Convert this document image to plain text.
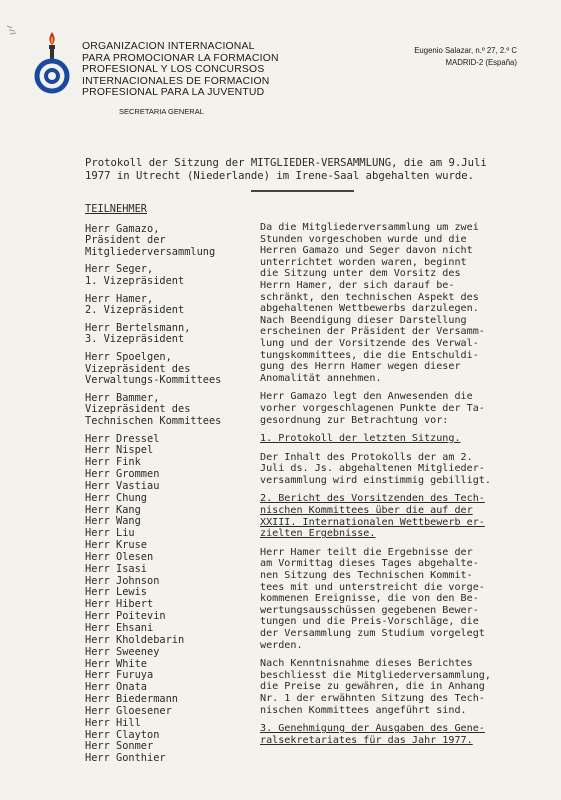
ORGANIZACION INTERNACIONAL
PARA PROMOCIONAR LA FORMACION
PROFESIONAL Y LOS CONCURSOS
INTERNACIONALES DE FORMACION
PROFESIONAL PARA LA JUVENTUD
SECRETARIA GENERAL
Eugenio Salazar, n.º 27, 2.º C
MADRID-2 (España)
Protokoll der Sitzung der MITGLIEDER-VERSAMMLUNG, die am 9.Juli
1977 in Utrecht (Niederlande) im Irene-Saal abgehalten wurde.
TEILNEHMER
Herr Gamazo,
Präsident der
Mitgliederversammlung
Herr Seger,
1. Vizepräsident
Herr Hamer,
2. Vizepräsident
Herr Bertelsmann,
3. Vizepräsident
Herr Spoelgen,
Vizepräsident des
Verwaltungs-Kommittees
Herr Bammer,
Vizepräsident des
Technischen Kommittees
Herr Dressel
Herr Nispel
Herr Fink
Herr Grommen
Herr Vastiau
Herr Chung
Herr Kang
Herr Wang
Herr Liu
Herr Kruse
Herr Olesen
Herr Isasi
Herr Johnson
Herr Lewis
Herr Hibert
Herr Poitevin
Herr Ehsani
Herr Kholdebarin
Herr Sweeney
Herr White
Herr Furuya
Herr Onata
Herr Biedermann
Herr Gloesener
Herr Hill
Herr Clayton
Herr Sonmer
Herr Gonthier

Da die Mitgliederversammlung um zwei
Stunden vorgeschoben wurde und die
Herren Gamazo und Seger davon nicht
unterrichtet worden waren, beginnt
die Sitzung unter dem Vorsitz des
Herrn Hamer, der sich darauf be-
schränkt, den technischen Aspekt des
abgehaltenen Wettbewerbs darzulegen.
Nach Beendigung dieser Darstellung
erscheinen der Präsident der Versamm-
lung und der Vorsitzende des Verwal-
tungskommittees, die die Entschuldi-
gung des Herrn Hamer wegen dieser
Anomalität annehmen.

Herr Gamazo legt den Anwesenden die
vorher vorgeschlagenen Punkte der Ta-
gesordnung zur Betrachtung vor:

1. Protokoll der letzten Sitzung.

Der Inhalt des Protokolls der am 2.
Juli ds. Js. abgehaltenen Mitglieder-
versammlung wird einstimmig gebilligt.

2. Bericht des Vorsitzenden des Tech-
nischen Kommittees über die auf der
XXIII. Internationalen Wettbewerb er-
zielten Ergebnisse.

Herr Hamer teilt die Ergebnisse der
am Vormittag dieses Tages abgehalte-
nen Sitzung des Technischen Kommit-
tees mit und unterstreicht die vorge-
kommenen Ereignisse, die von den Be-
wertungsausschüssen gegebenen Bewer-
tungen und die Preis-Vorschläge, die
der Versammlung zum Studium vorgelegt
werden.

Nach Kenntnisnahme dieses Berichtes
beschliesst die Mitgliederversammlung,
die Preise zu gewähren, die in Anhang
Nr. 1 der erwähnten Sitzung des Tech-
nischen Kommittees angeführt sind.

3. Genehmigung der Ausgaben des Gene-
ralsekretariates für das Jahr 1977.
